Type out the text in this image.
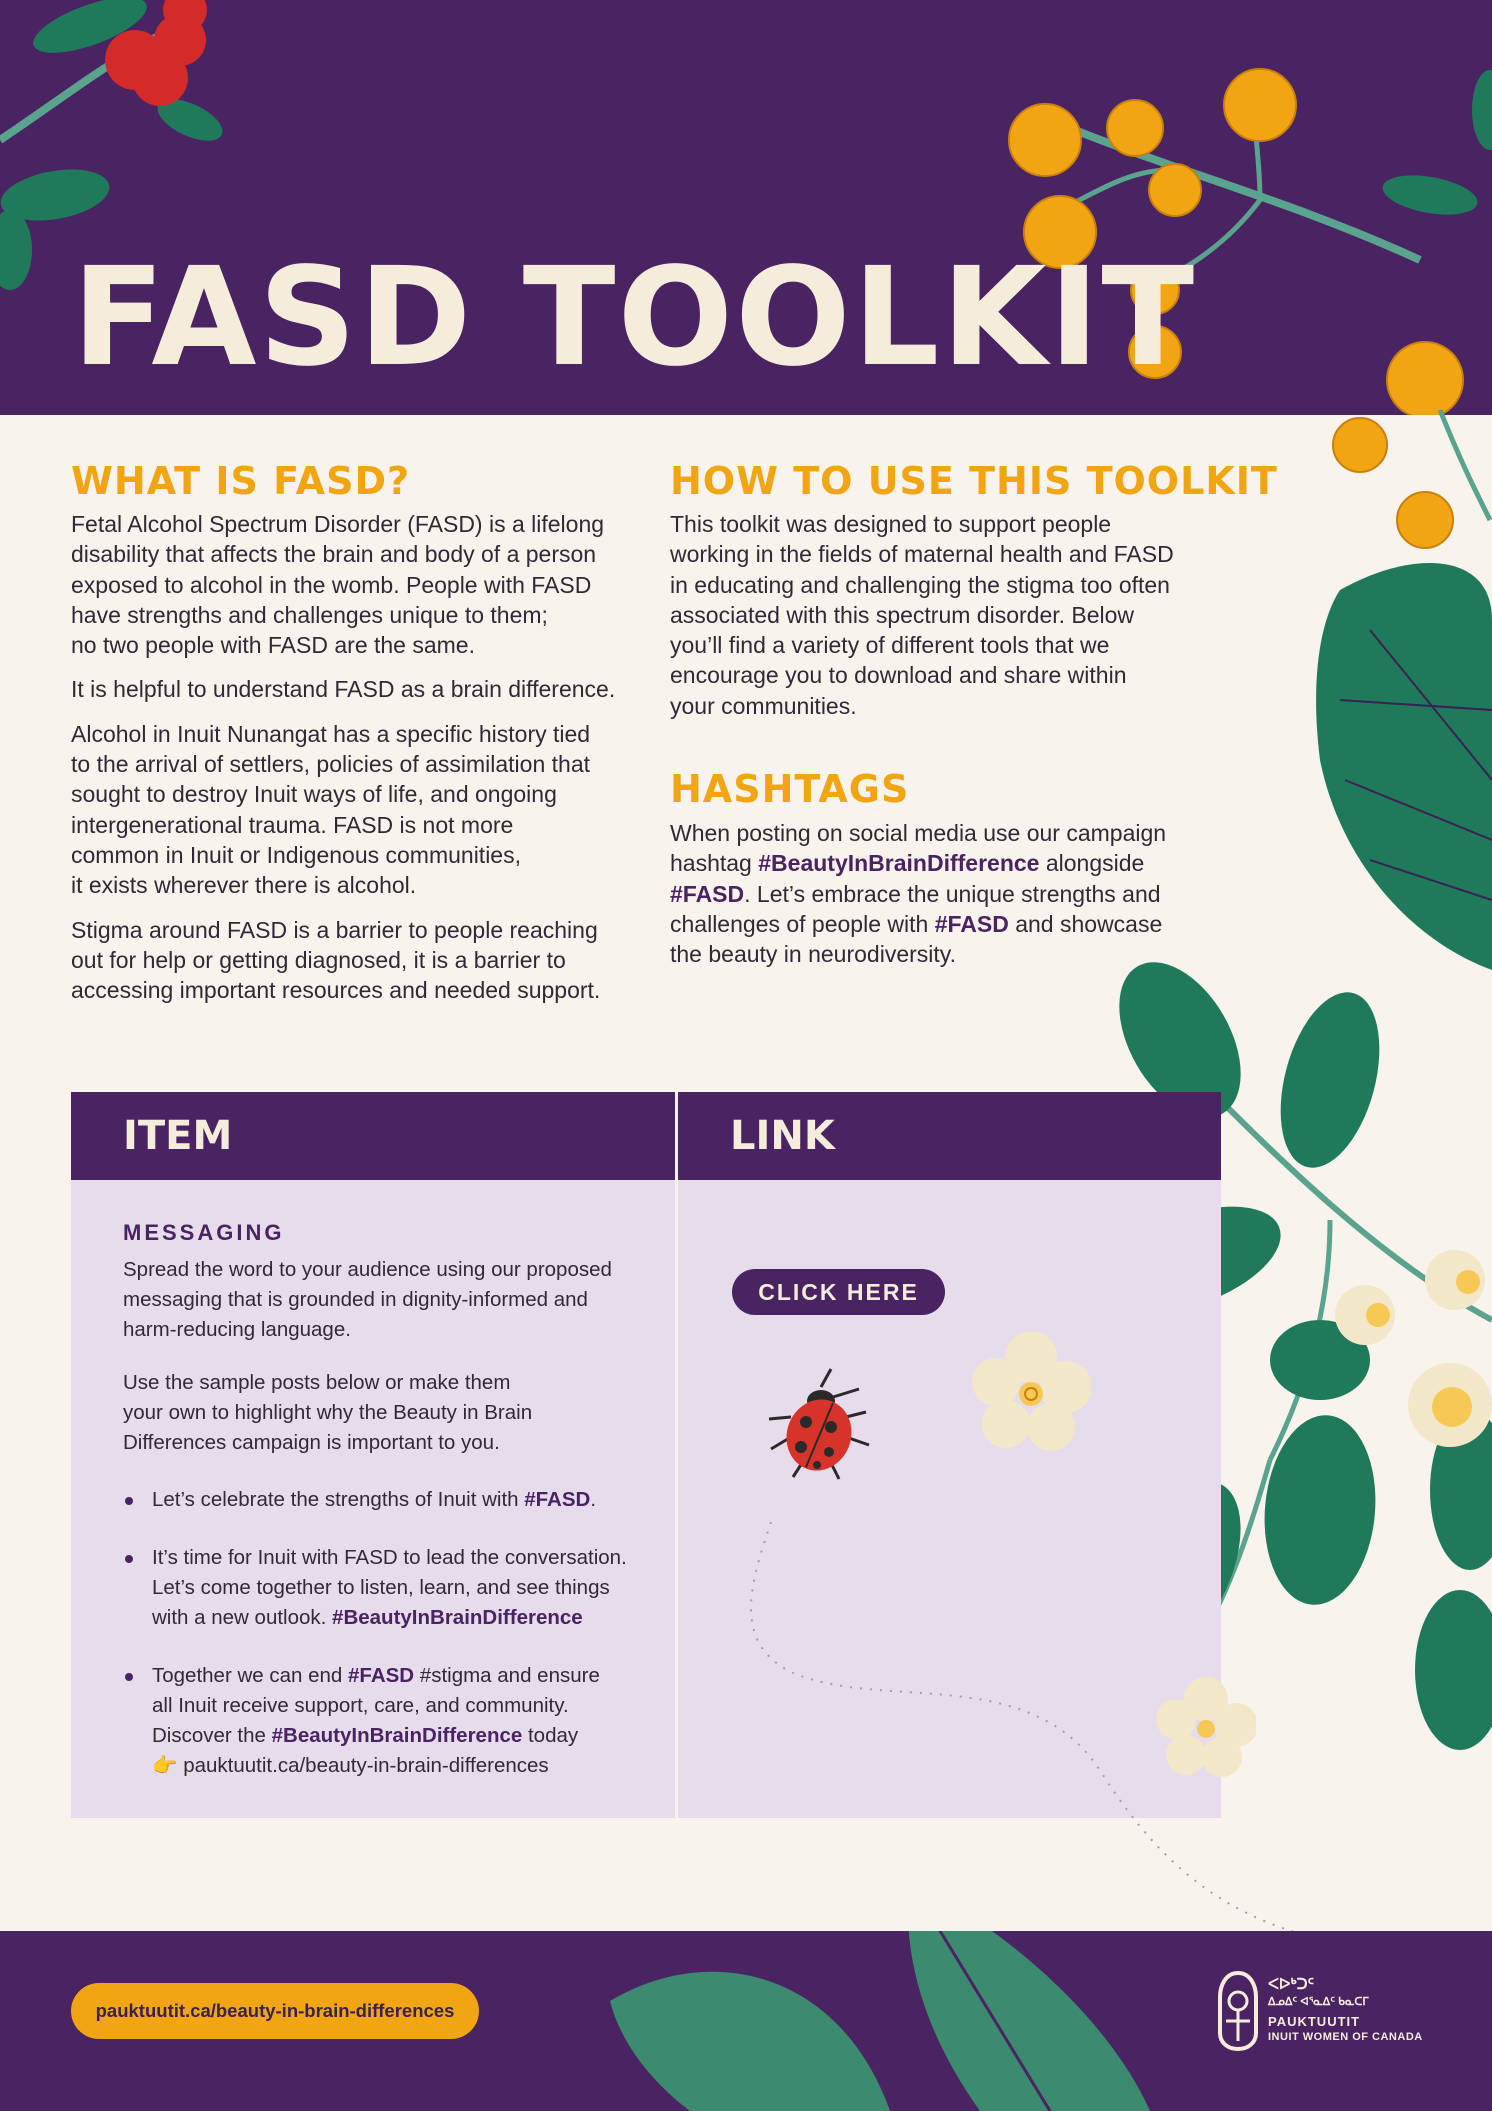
FASD TOOLKIT
WHAT IS FASD?

Fetal Alcohol Spectrum Disorder (FASD) is a lifelong
disability that affects the brain and body of a person
exposed to alcohol in the womb. People with FASD
have strengths and challenges unique to them;
no two people with FASD are the same.

It is helpful to understand FASD as a brain difference.

Alcohol in Inuit Nunangat has a specific history tied
to the arrival of settlers, policies of assimilation that
sought to destroy Inuit ways of life, and ongoing
intergenerational trauma. FASD is not more
common in Inuit or Indigenous communities,
it exists wherever there is alcohol.

Stigma around FASD is a barrier to people reaching
out for help or getting diagnosed, it is a barrier to
accessing important resources and needed support.

HOW TO USE THIS TOOLKIT
This toolkit was designed to support people
working in the fields of maternal health and FASD
in educating and challenging the stigma too often
associated with this spectrum disorder. Below
you’ll find a variety of different tools that we
encourage you to download and share within
your communities.
HASHTAGS
When posting on social media use our campaign
hashtag #BeautyInBrainDifference alongside
#FASD. Let’s embrace the unique strengths and
challenges of people with #FASD and showcase
the beauty in neurodiversity.
ITEM	LINK
MESSAGING
Spread the word to your audience using our proposed
messaging that is grounded in dignity-informed and
harm-reducing language.
Use the sample posts below or make them
your own to highlight why the Beauty in Brain
Differences campaign is important to you.
Let’s celebrate the strengths of Inuit with #FASD.
It’s time for Inuit with FASD to lead the conversation.
Let’s come together to listen, learn, and see things
with a new outlook. #BeautyInBrainDifference
Together we can end #FASD #stigma and ensure
all Inuit receive support, care, and community.
Discover the #BeautyInBrainDifference today
👉 pauktuutit.ca/beauty-in-brain-differences
CLICK HERE
pauktuutit.ca/beauty-in-brain-differences
ᐸᐅᒃᑐᑦ
ᐃᓄᐃᑦ ᐊᕐᓇᐃᑦ ᑲᓇᑕᒥ
PAUKTUUTIT
INUIT WOMEN OF CANADA
